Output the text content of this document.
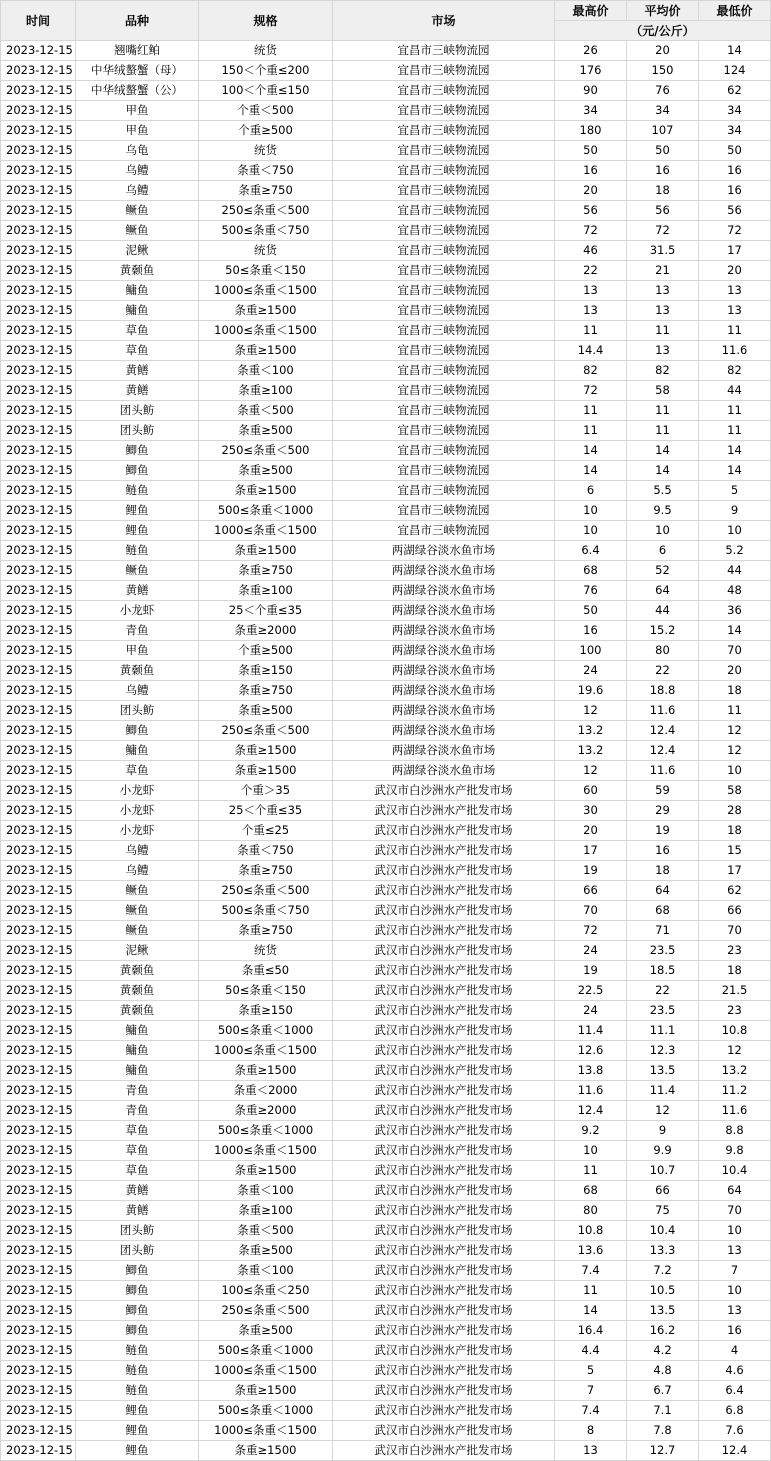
时间	品种	规格	市场	最高价	平均价	最低价
				（元/公斤）		
2023-12-15	翘嘴红鲌	统货	宜昌市三峡物流园	26	20	14
2023-12-15	中华绒螯蟹（母）	150＜个重≤200	宜昌市三峡物流园	176	150	124
2023-12-15	中华绒螯蟹（公）	100＜个重≤150	宜昌市三峡物流园	90	76	62
2023-12-15	甲鱼	个重＜500	宜昌市三峡物流园	34	34	34
2023-12-15	甲鱼	个重≥500	宜昌市三峡物流园	180	107	34
2023-12-15	乌龟	统货	宜昌市三峡物流园	50	50	50
2023-12-15	乌鳢	条重＜750	宜昌市三峡物流园	16	16	16
2023-12-15	乌鳢	条重≥750	宜昌市三峡物流园	20	18	16
2023-12-15	鳜鱼	250≤条重＜500	宜昌市三峡物流园	56	56	56
2023-12-15	鳜鱼	500≤条重＜750	宜昌市三峡物流园	72	72	72
2023-12-15	泥鳅	统货	宜昌市三峡物流园	46	31.5	17
2023-12-15	黄颡鱼	50≤条重＜150	宜昌市三峡物流园	22	21	20
2023-12-15	鳙鱼	1000≤条重＜1500	宜昌市三峡物流园	13	13	13
2023-12-15	鳙鱼	条重≥1500	宜昌市三峡物流园	13	13	13
2023-12-15	草鱼	1000≤条重＜1500	宜昌市三峡物流园	11	11	11
2023-12-15	草鱼	条重≥1500	宜昌市三峡物流园	14.4	13	11.6
2023-12-15	黄鳝	条重＜100	宜昌市三峡物流园	82	82	82
2023-12-15	黄鳝	条重≥100	宜昌市三峡物流园	72	58	44
2023-12-15	团头鲂	条重＜500	宜昌市三峡物流园	11	11	11
2023-12-15	团头鲂	条重≥500	宜昌市三峡物流园	11	11	11
2023-12-15	鲫鱼	250≤条重＜500	宜昌市三峡物流园	14	14	14
2023-12-15	鲫鱼	条重≥500	宜昌市三峡物流园	14	14	14
2023-12-15	鲢鱼	条重≥1500	宜昌市三峡物流园	6	5.5	5
2023-12-15	鲤鱼	500≤条重＜1000	宜昌市三峡物流园	10	9.5	9
2023-12-15	鲤鱼	1000≤条重＜1500	宜昌市三峡物流园	10	10	10
2023-12-15	鲢鱼	条重≥1500	两湖绿谷淡水鱼市场	6.4	6	5.2
2023-12-15	鳜鱼	条重≥750	两湖绿谷淡水鱼市场	68	52	44
2023-12-15	黄鳝	条重≥100	两湖绿谷淡水鱼市场	76	64	48
2023-12-15	小龙虾	25＜个重≤35	两湖绿谷淡水鱼市场	50	44	36
2023-12-15	青鱼	条重≥2000	两湖绿谷淡水鱼市场	16	15.2	14
2023-12-15	甲鱼	个重≥500	两湖绿谷淡水鱼市场	100	80	70
2023-12-15	黄颡鱼	条重≥150	两湖绿谷淡水鱼市场	24	22	20
2023-12-15	乌鳢	条重≥750	两湖绿谷淡水鱼市场	19.6	18.8	18
2023-12-15	团头鲂	条重≥500	两湖绿谷淡水鱼市场	12	11.6	11
2023-12-15	鲫鱼	250≤条重＜500	两湖绿谷淡水鱼市场	13.2	12.4	12
2023-12-15	鳙鱼	条重≥1500	两湖绿谷淡水鱼市场	13.2	12.4	12
2023-12-15	草鱼	条重≥1500	两湖绿谷淡水鱼市场	12	11.6	10
2023-12-15	小龙虾	个重＞35	武汉市白沙洲水产批发市场	60	59	58
2023-12-15	小龙虾	25＜个重≤35	武汉市白沙洲水产批发市场	30	29	28
2023-12-15	小龙虾	个重≤25	武汉市白沙洲水产批发市场	20	19	18
2023-12-15	乌鳢	条重＜750	武汉市白沙洲水产批发市场	17	16	15
2023-12-15	乌鳢	条重≥750	武汉市白沙洲水产批发市场	19	18	17
2023-12-15	鳜鱼	250≤条重＜500	武汉市白沙洲水产批发市场	66	64	62
2023-12-15	鳜鱼	500≤条重＜750	武汉市白沙洲水产批发市场	70	68	66
2023-12-15	鳜鱼	条重≥750	武汉市白沙洲水产批发市场	72	71	70
2023-12-15	泥鳅	统货	武汉市白沙洲水产批发市场	24	23.5	23
2023-12-15	黄颡鱼	条重≤50	武汉市白沙洲水产批发市场	19	18.5	18
2023-12-15	黄颡鱼	50≤条重＜150	武汉市白沙洲水产批发市场	22.5	22	21.5
2023-12-15	黄颡鱼	条重≥150	武汉市白沙洲水产批发市场	24	23.5	23
2023-12-15	鳙鱼	500≤条重＜1000	武汉市白沙洲水产批发市场	11.4	11.1	10.8
2023-12-15	鳙鱼	1000≤条重＜1500	武汉市白沙洲水产批发市场	12.6	12.3	12
2023-12-15	鳙鱼	条重≥1500	武汉市白沙洲水产批发市场	13.8	13.5	13.2
2023-12-15	青鱼	条重＜2000	武汉市白沙洲水产批发市场	11.6	11.4	11.2
2023-12-15	青鱼	条重≥2000	武汉市白沙洲水产批发市场	12.4	12	11.6
2023-12-15	草鱼	500≤条重＜1000	武汉市白沙洲水产批发市场	9.2	9	8.8
2023-12-15	草鱼	1000≤条重＜1500	武汉市白沙洲水产批发市场	10	9.9	9.8
2023-12-15	草鱼	条重≥1500	武汉市白沙洲水产批发市场	11	10.7	10.4
2023-12-15	黄鳝	条重＜100	武汉市白沙洲水产批发市场	68	66	64
2023-12-15	黄鳝	条重≥100	武汉市白沙洲水产批发市场	80	75	70
2023-12-15	团头鲂	条重＜500	武汉市白沙洲水产批发市场	10.8	10.4	10
2023-12-15	团头鲂	条重≥500	武汉市白沙洲水产批发市场	13.6	13.3	13
2023-12-15	鲫鱼	条重＜100	武汉市白沙洲水产批发市场	7.4	7.2	7
2023-12-15	鲫鱼	100≤条重＜250	武汉市白沙洲水产批发市场	11	10.5	10
2023-12-15	鲫鱼	250≤条重＜500	武汉市白沙洲水产批发市场	14	13.5	13
2023-12-15	鲫鱼	条重≥500	武汉市白沙洲水产批发市场	16.4	16.2	16
2023-12-15	鲢鱼	500≤条重＜1000	武汉市白沙洲水产批发市场	4.4	4.2	4
2023-12-15	鲢鱼	1000≤条重＜1500	武汉市白沙洲水产批发市场	5	4.8	4.6
2023-12-15	鲢鱼	条重≥1500	武汉市白沙洲水产批发市场	7	6.7	6.4
2023-12-15	鲤鱼	500≤条重＜1000	武汉市白沙洲水产批发市场	7.4	7.1	6.8
2023-12-15	鲤鱼	1000≤条重＜1500	武汉市白沙洲水产批发市场	8	7.8	7.6
2023-12-15	鲤鱼	条重≥1500	武汉市白沙洲水产批发市场	13	12.7	12.4
